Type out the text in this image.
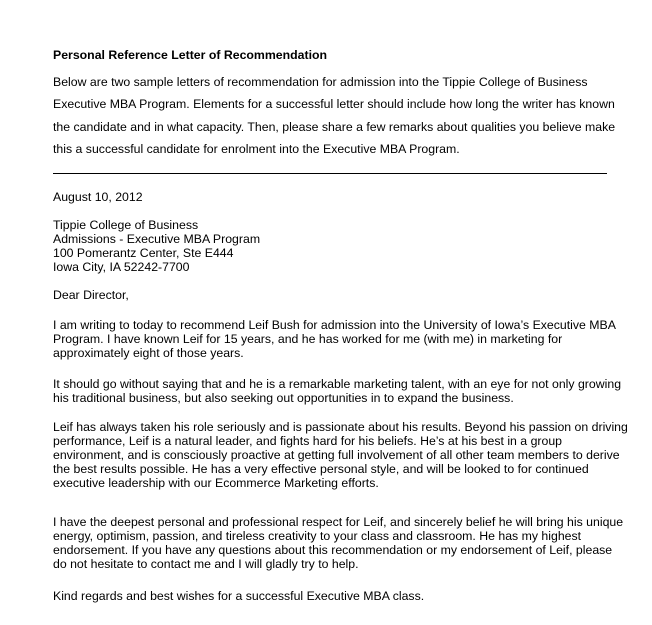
Personal Reference Letter of Recommendation
Below are two sample letters of recommendation for admission into the Tippie College of Business
Executive MBA Program. Elements for a successful letter should include how long the writer has known
the candidate and in what capacity. Then, please share a few remarks about qualities you believe make
this a successful candidate for enrolment into the Executive MBA Program.
August 10, 2012
Tippie College of Business
Admissions - Executive MBA Program
100 Pomerantz Center, Ste E444
Iowa City, IA 52242-7700
Dear Director,
I am writing to today to recommend Leif Bush for admission into the University of Iowa’s Executive MBA
Program. I have known Leif for 15 years, and he has worked for me (with me) in marketing for
approximately eight of those years.
It should go without saying that and he is a remarkable marketing talent, with an eye for not only growing
his traditional business, but also seeking out opportunities in to expand the business.
Leif has always taken his role seriously and is passionate about his results. Beyond his passion on driving
performance, Leif is a natural leader, and fights hard for his beliefs. He’s at his best in a group
environment, and is consciously proactive at getting full involvement of all other team members to derive
the best results possible. He has a very effective personal style, and will be looked to for continued
executive leadership with our Ecommerce Marketing efforts.
I have the deepest personal and professional respect for Leif, and sincerely belief he will bring his unique
energy, optimism, passion, and tireless creativity to your class and classroom. He has my highest
endorsement. If you have any questions about this recommendation or my endorsement of Leif, please
do not hesitate to contact me and I will gladly try to help.
Kind regards and best wishes for a successful Executive MBA class.
